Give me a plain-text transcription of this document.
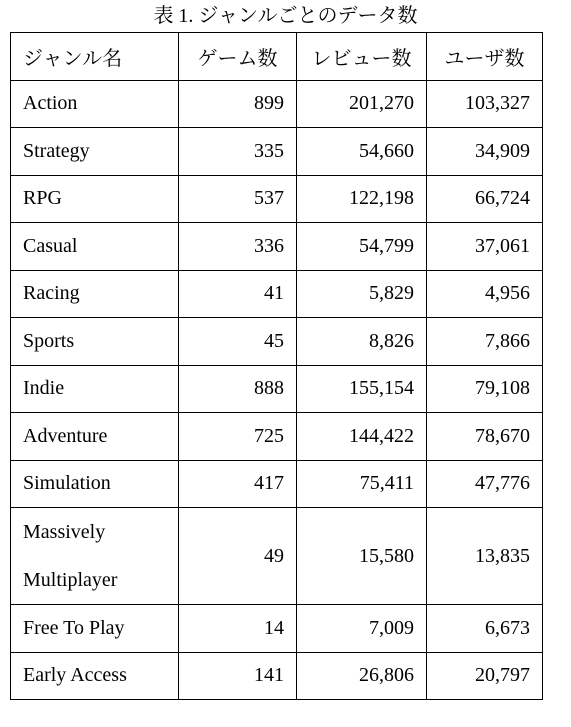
表 1. ジャンルごとのデータ数
ジャンル名	ゲーム数	レビュー数	ユーザ数
Action	899	201,270	103,327
Strategy	335	54,660	34,909
RPG	537	122,198	66,724
Casual	336	54,799	37,061
Racing	41	5,829	4,956
Sports	45	8,826	7,866
Indie	888	155,154	79,108
Adventure	725	144,422	78,670
Simulation	417	75,411	47,776

Massively
Multiplayer	49	15,580	13,835
Free To Play	14	7,009	6,673
Early Access	141	26,806	20,797
